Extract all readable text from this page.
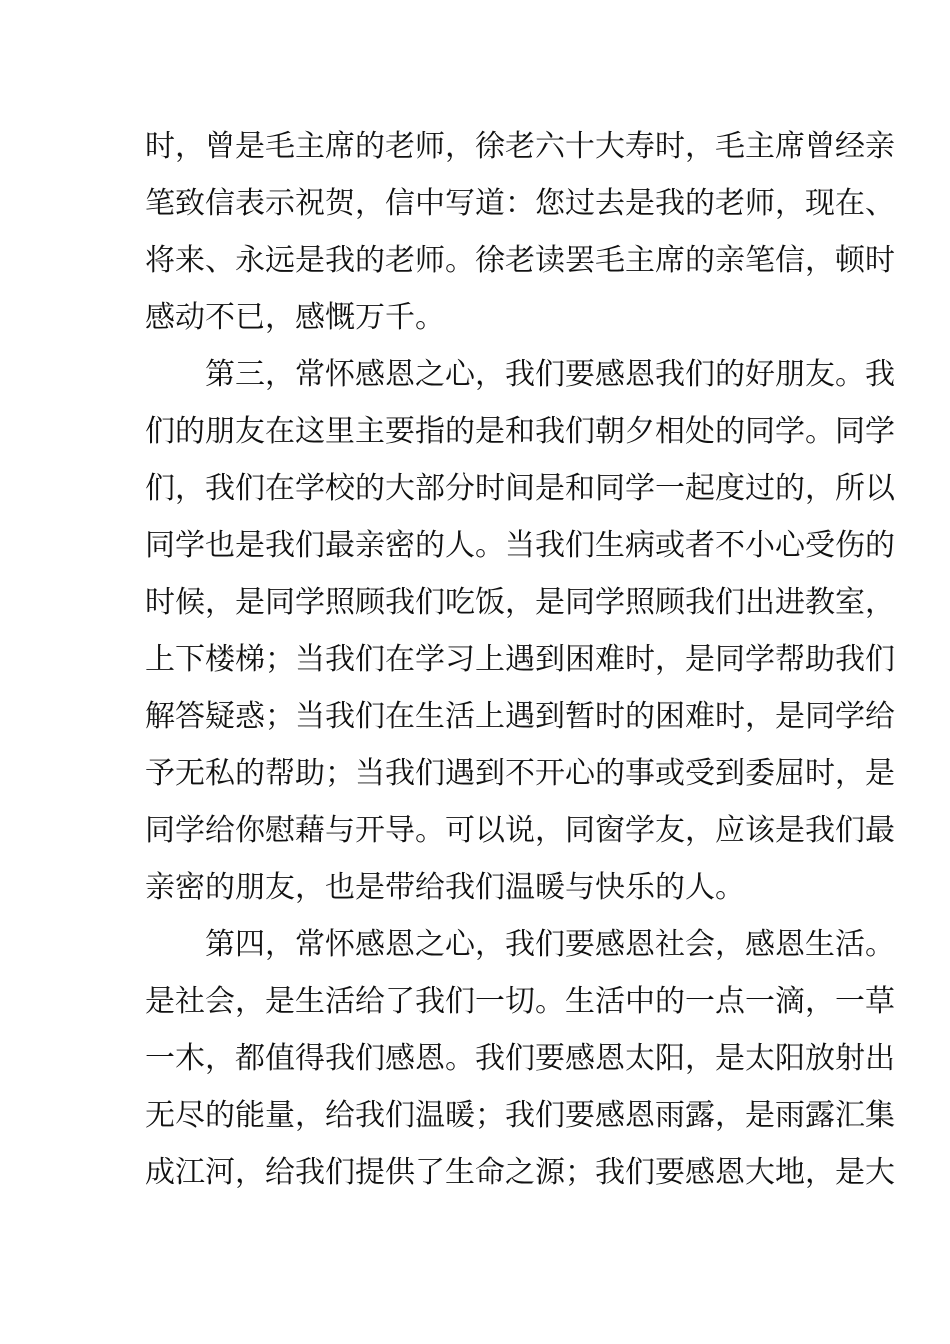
时，曾是毛主席的老师，徐老六十大寿时，毛主席曾经亲
笔致信表示祝贺，信中写道：您过去是我的老师，现在、
将来、永远是我的老师。徐老读罢毛主席的亲笔信，顿时
感动不已，感慨万千。
第三，常怀感恩之心，我们要感恩我们的好朋友。我
们的朋友在这里主要指的是和我们朝夕相处的同学。同学
们，我们在学校的大部分时间是和同学一起度过的，所以
同学也是我们最亲密的人。当我们生病或者不小心受伤的
时候，是同学照顾我们吃饭，是同学照顾我们出进教室，
上下楼梯；当我们在学习上遇到困难时，是同学帮助我们
解答疑惑；当我们在生活上遇到暂时的困难时，是同学给
予无私的帮助；当我们遇到不开心的事或受到委屈时，是
同学给你慰藉与开导。可以说，同窗学友，应该是我们最
亲密的朋友，也是带给我们温暖与快乐的人。
第四，常怀感恩之心，我们要感恩社会，感恩生活。
是社会，是生活给了我们一切。生活中的一点一滴，一草
一木，都值得我们感恩。我们要感恩太阳，是太阳放射出
无尽的能量，给我们温暖；我们要感恩雨露，是雨露汇集
成江河，给我们提供了生命之源；我们要感恩大地，是大
